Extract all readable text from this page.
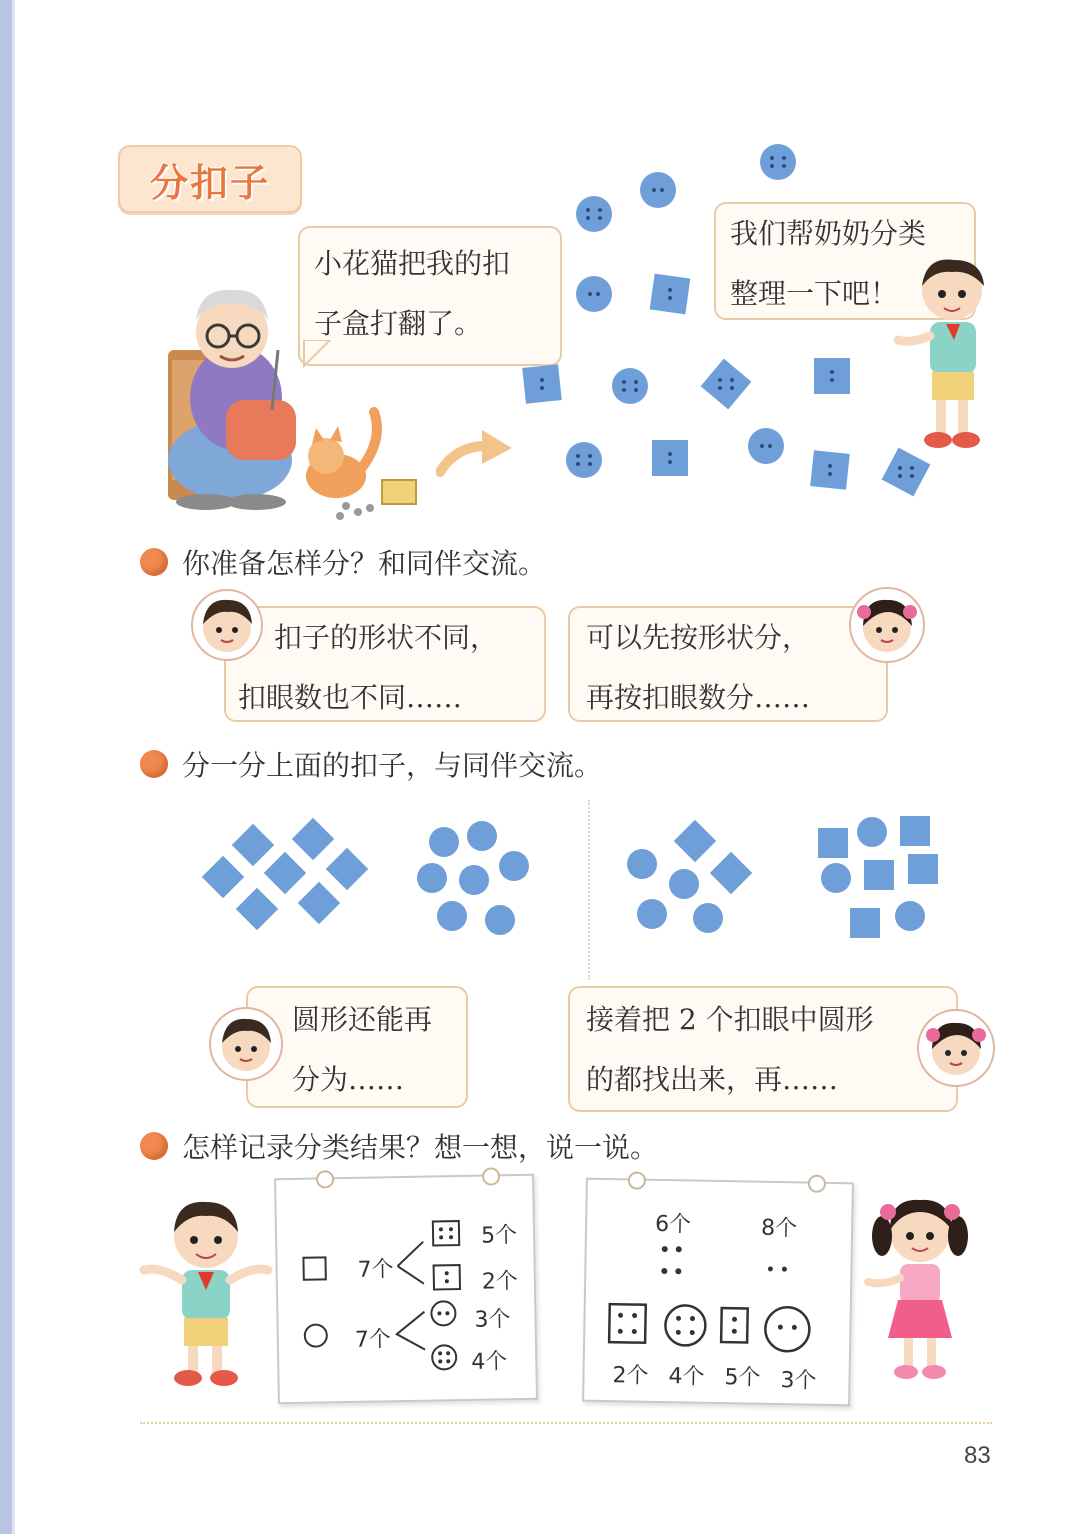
分扣子
小花猫把我的扣
子盒打翻了。
我们帮奶奶分类
整理一下吧！
你准备怎样分？和同伴交流。
扣子的形状不同，
扣眼数也不同……
可以先按形状分，
再按扣眼数分……
分一分上面的扣子，与同伴交流。
圆形还能再
分为……
接着把 2 个扣眼中圆形
的都找出来，再……
怎样记录分类结果？想一想，说一说。
7个
5个
2个
7个
3个
4个
6个	8个
2个 4个 5个 3个
83
